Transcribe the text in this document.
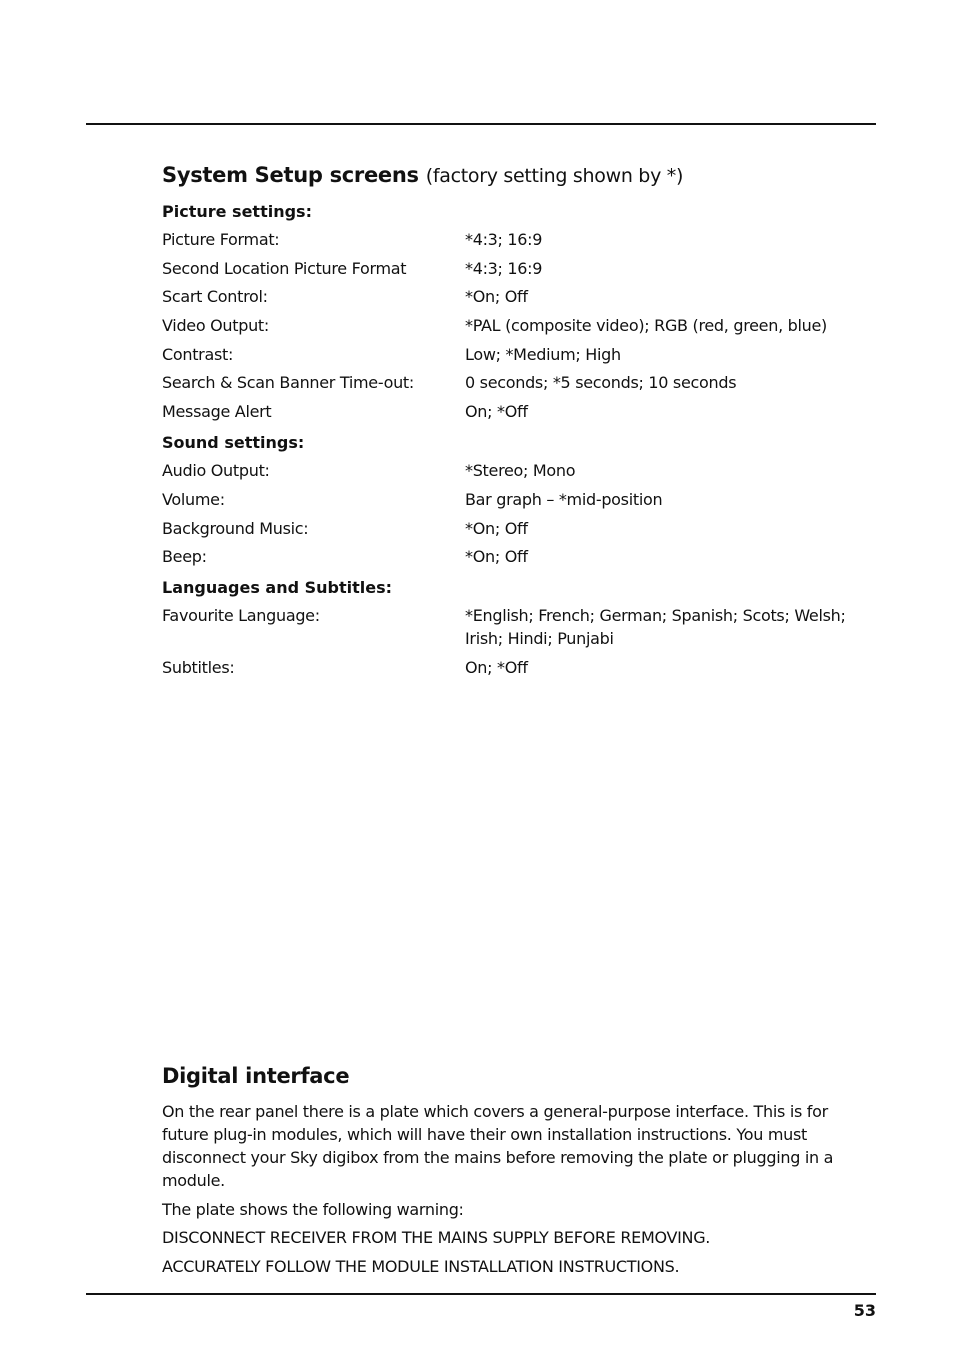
System Setup screens (factory setting shown by *)
Picture settings:
Picture Format:	*4:3; 16:9
Second Location Picture Format	*4:3; 16:9
Scart Control:	*On; Off
Video Output:	*PAL (composite video); RGB (red, green, blue)
Contrast:	Low; *Medium; High
Search & Scan Banner Time-out:	0 seconds; *5 seconds; 10 seconds
Message Alert	On; *Off
Sound settings:
Audio Output:	*Stereo; Mono
Volume:	Bar graph – *mid-position
Background Music:	*On; Off
Beep:	*On; Off
Languages and Subtitles:
Favourite Language:	*English; French; German; Spanish; Scots; Welsh; Irish; Hindi; Punjabi
Subtitles:	On; *Off
Digital interface

On the rear panel there is a plate which covers a general-purpose interface. This is for future plug-in modules, which will have their own installation instructions. You must disconnect your Sky digibox from the mains before removing the plate or plugging in a module.

The plate shows the following warning:

DISCONNECT RECEIVER FROM THE MAINS SUPPLY BEFORE REMOVING.

ACCURATELY FOLLOW THE MODULE INSTALLATION INSTRUCTIONS.

53
